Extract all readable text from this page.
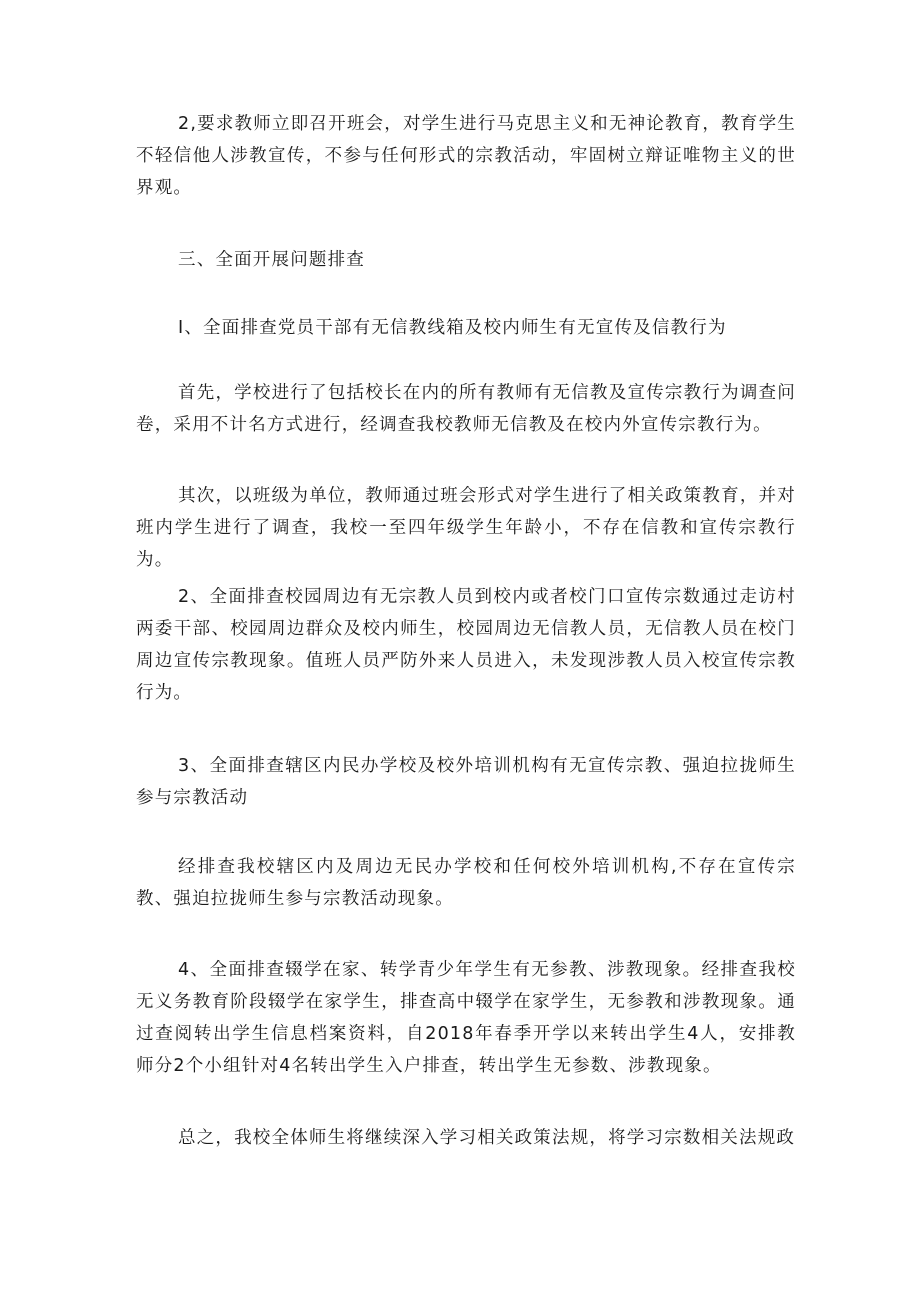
2,要求教师立即召开班会，对学生进行马克思主义和无神论教育，教育学生不轻信他人涉教宣传，不参与任何形式的宗教活动，牢固树立辩证唯物主义的世界观。

三、全面开展问题排查

I、全面排查党员干部有无信教线箱及校内师生有无宣传及信教行为

首先，学校进行了包括校长在内的所有教师有无信教及宣传宗教行为调查问卷，采用不计名方式进行，经调查我校教师无信教及在校内外宣传宗教行为。

其次，以班级为单位，教师通过班会形式对学生进行了相关政策教育，并对班内学生进行了调查，我校一至四年级学生年龄小，不存在信教和宣传宗教行为。

2、全面排查校园周边有无宗教人员到校内或者校门口宣传宗数通过走访村两委干部、校园周边群众及校内师生，校园周边无信教人员，无信教人员在校门周边宣传宗教现象。值班人员严防外来人员进入，未发现涉教人员入校宣传宗教行为。

3、全面排查辖区内民办学校及校外培训机构有无宣传宗教、强迫拉拢师生参与宗教活动

经排查我校辖区内及周边无民办学校和任何校外培训机构,不存在宣传宗教、强迫拉拢师生参与宗教活动现象。

4、全面排查辍学在家、转学青少年学生有无参教、涉教现象。经排查我校无义务教育阶段辍学在家学生，排查高中辍学在家学生，无参教和涉教现象。通过查阅转出学生信息档案资料，自2018年春季开学以来转出学生4人，安排教师分2个小组针对4名转出学生入户排查，转出学生无参数、涉教现象。

总之，我校全体师生将继续深入学习相关政策法规，将学习宗数相关法规政
